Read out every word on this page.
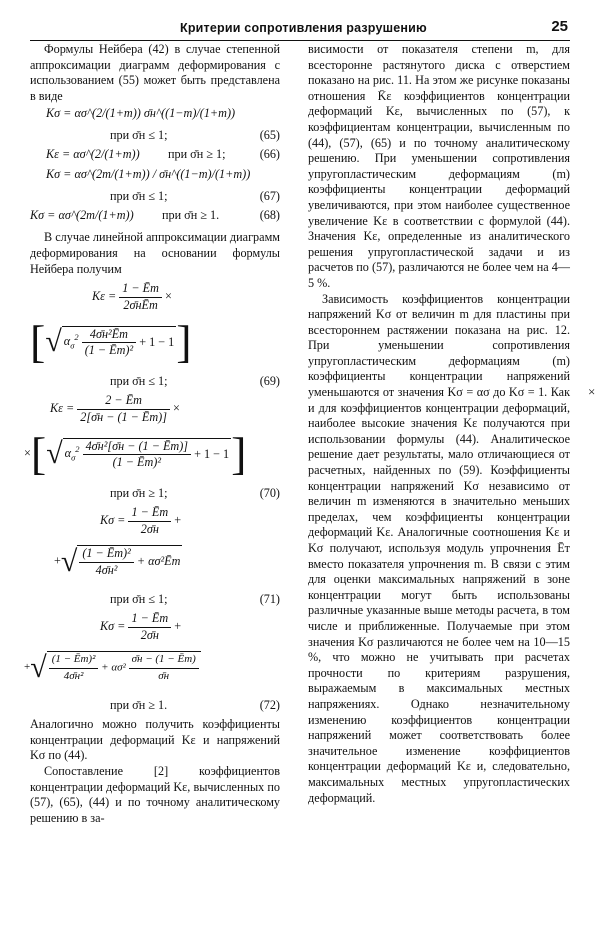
Критерии сопротивления разрушению	25

Формулы Нейбера (42) в случае степенной аппроксимации диаграмм деформирования с использованием (55) может быть представлена в виде

Kσ = ασ^(2/(1+m)) σ̄н^((1−m)/(1+m))
при σ̄н ≤ 1;	(65)
Kε = ασ^(2/(1+m)) при σ̄н ≥ 1;	(66)
Kσ = ασ^(2m/(1+m)) / σ̄н^((1−m)/(1+m))
при σ̄н ≤ 1;	(67)
Kσ = ασ^(2m/(1+m)) при σ̄н ≥ 1.	(68)

В случае линейной аппроксимации диаграмм деформирования на основании формулы Нейбера получим

$K\varepsilon = \frac{1 - Ēт}{\text{2σ̄нĒт}}$ ×
[√ $\alpha_\sigma^2 \frac{\text{4σ̄н²Ēт}}{\text{(1 − Ēт)²}} + 1 - 1$]
при σ̄н ≤ 1;	(69)
$K\varepsilon = \frac{2 - Ēт}{2[\sigmāн - (1 - Ēт)]}$ ×
×[√ $\alpha_\sigma^2 \frac{\text{4σ̄н²[σ̄н − (1 − Ēт)]}}{\text{(1 − Ēт)²}} + 1 - 1$]
при σ̄н ≥ 1;	(70)
$K\sigma = \frac{1 - Ēт}{2\sigmāн}$ +
+√ $\frac{\text{(1 − Ēт)²}}{\text{4σ̄н²}}$ + ασ²Ēт
при σ̄н ≤ 1;	(71)
$K\sigma = \frac{1 - Ēт}{2\sigmāн}$ +
+√ $\frac{\text{(1 − Ēт)²}}{\text{4σ̄н²}} + \alpha\sigma^2 \frac{\sigmāн - (1 - Ēт)}{\sigmāн}$
при σ̄н ≥ 1.	(72)

Аналогично можно получить коэффициенты концентрации деформаций Kε и напряжений Kσ по (44).

Сопоставление [2] коэффициентов концентрации деформаций Kε, вычисленных по (57), (65), (44) и по точному аналитическому решению в за-

висимости от показателя степени m, для всесторонне растянутого диска с отверстием показано на рис. 11. На этом же рисунке показаны отношения K̄ε коэффициентов концентрации деформаций Kε, вычисленных по (57), к коэффициентам концентрации, вычисленным по (44), (57), (65) и по точному аналитическому решению. При уменьшении сопротивления упругопластическим деформациям (m) коэффициенты концентрации деформаций увеличиваются, при этом наиболее существенное увеличение Kε в соответствии с формулой (44). Значения Kε, определенные из аналитического решения упругопластической задачи и из расчетов по (57), различаются не более чем на 4—5 %.

Зависимость коэффициентов концентрации напряжений Kσ от величин m для пластины при всестороннем растяжении показана на рис. 12. При уменьшении сопротивления упругопластическим деформациям (m) коэффициенты концентрации напряжений уменьшаются от значения Kσ = ασ до Kσ = 1. Как и для коэффициентов концентрации деформаций, наиболее высокие значения Kε получаются при использовании формулы (44). Аналитическое решение дает результаты, мало отличающиеся от расчетных, найденных по (59). Коэффициенты концентрации напряжений Kσ независимо от величин m изменяются в значительно меньших пределах, чем коэффициенты концентрации деформаций Kε. Аналогичные соотношения Kε и Kσ получают, используя модуль упрочнения Ēт вместо показателя упрочнения m. В связи с этим для оценки максимальных напряжений в зоне концентрации могут быть использованы различные указанные выше методы расчета, в том числе и приближенные. Получаемые при этом значения Kσ различаются не более чем на 10—15 %, что можно не учитывать при расчетах прочности по критериям разрушения, выражаемым в максимальных местных напряжениях. Однако незначительному изменению коэффициентов концентрации напряжений может соответствовать более значительное изменение коэффициентов концентрации деформаций Kε и, следовательно, максимальных местных упругопластических деформаций.

×
